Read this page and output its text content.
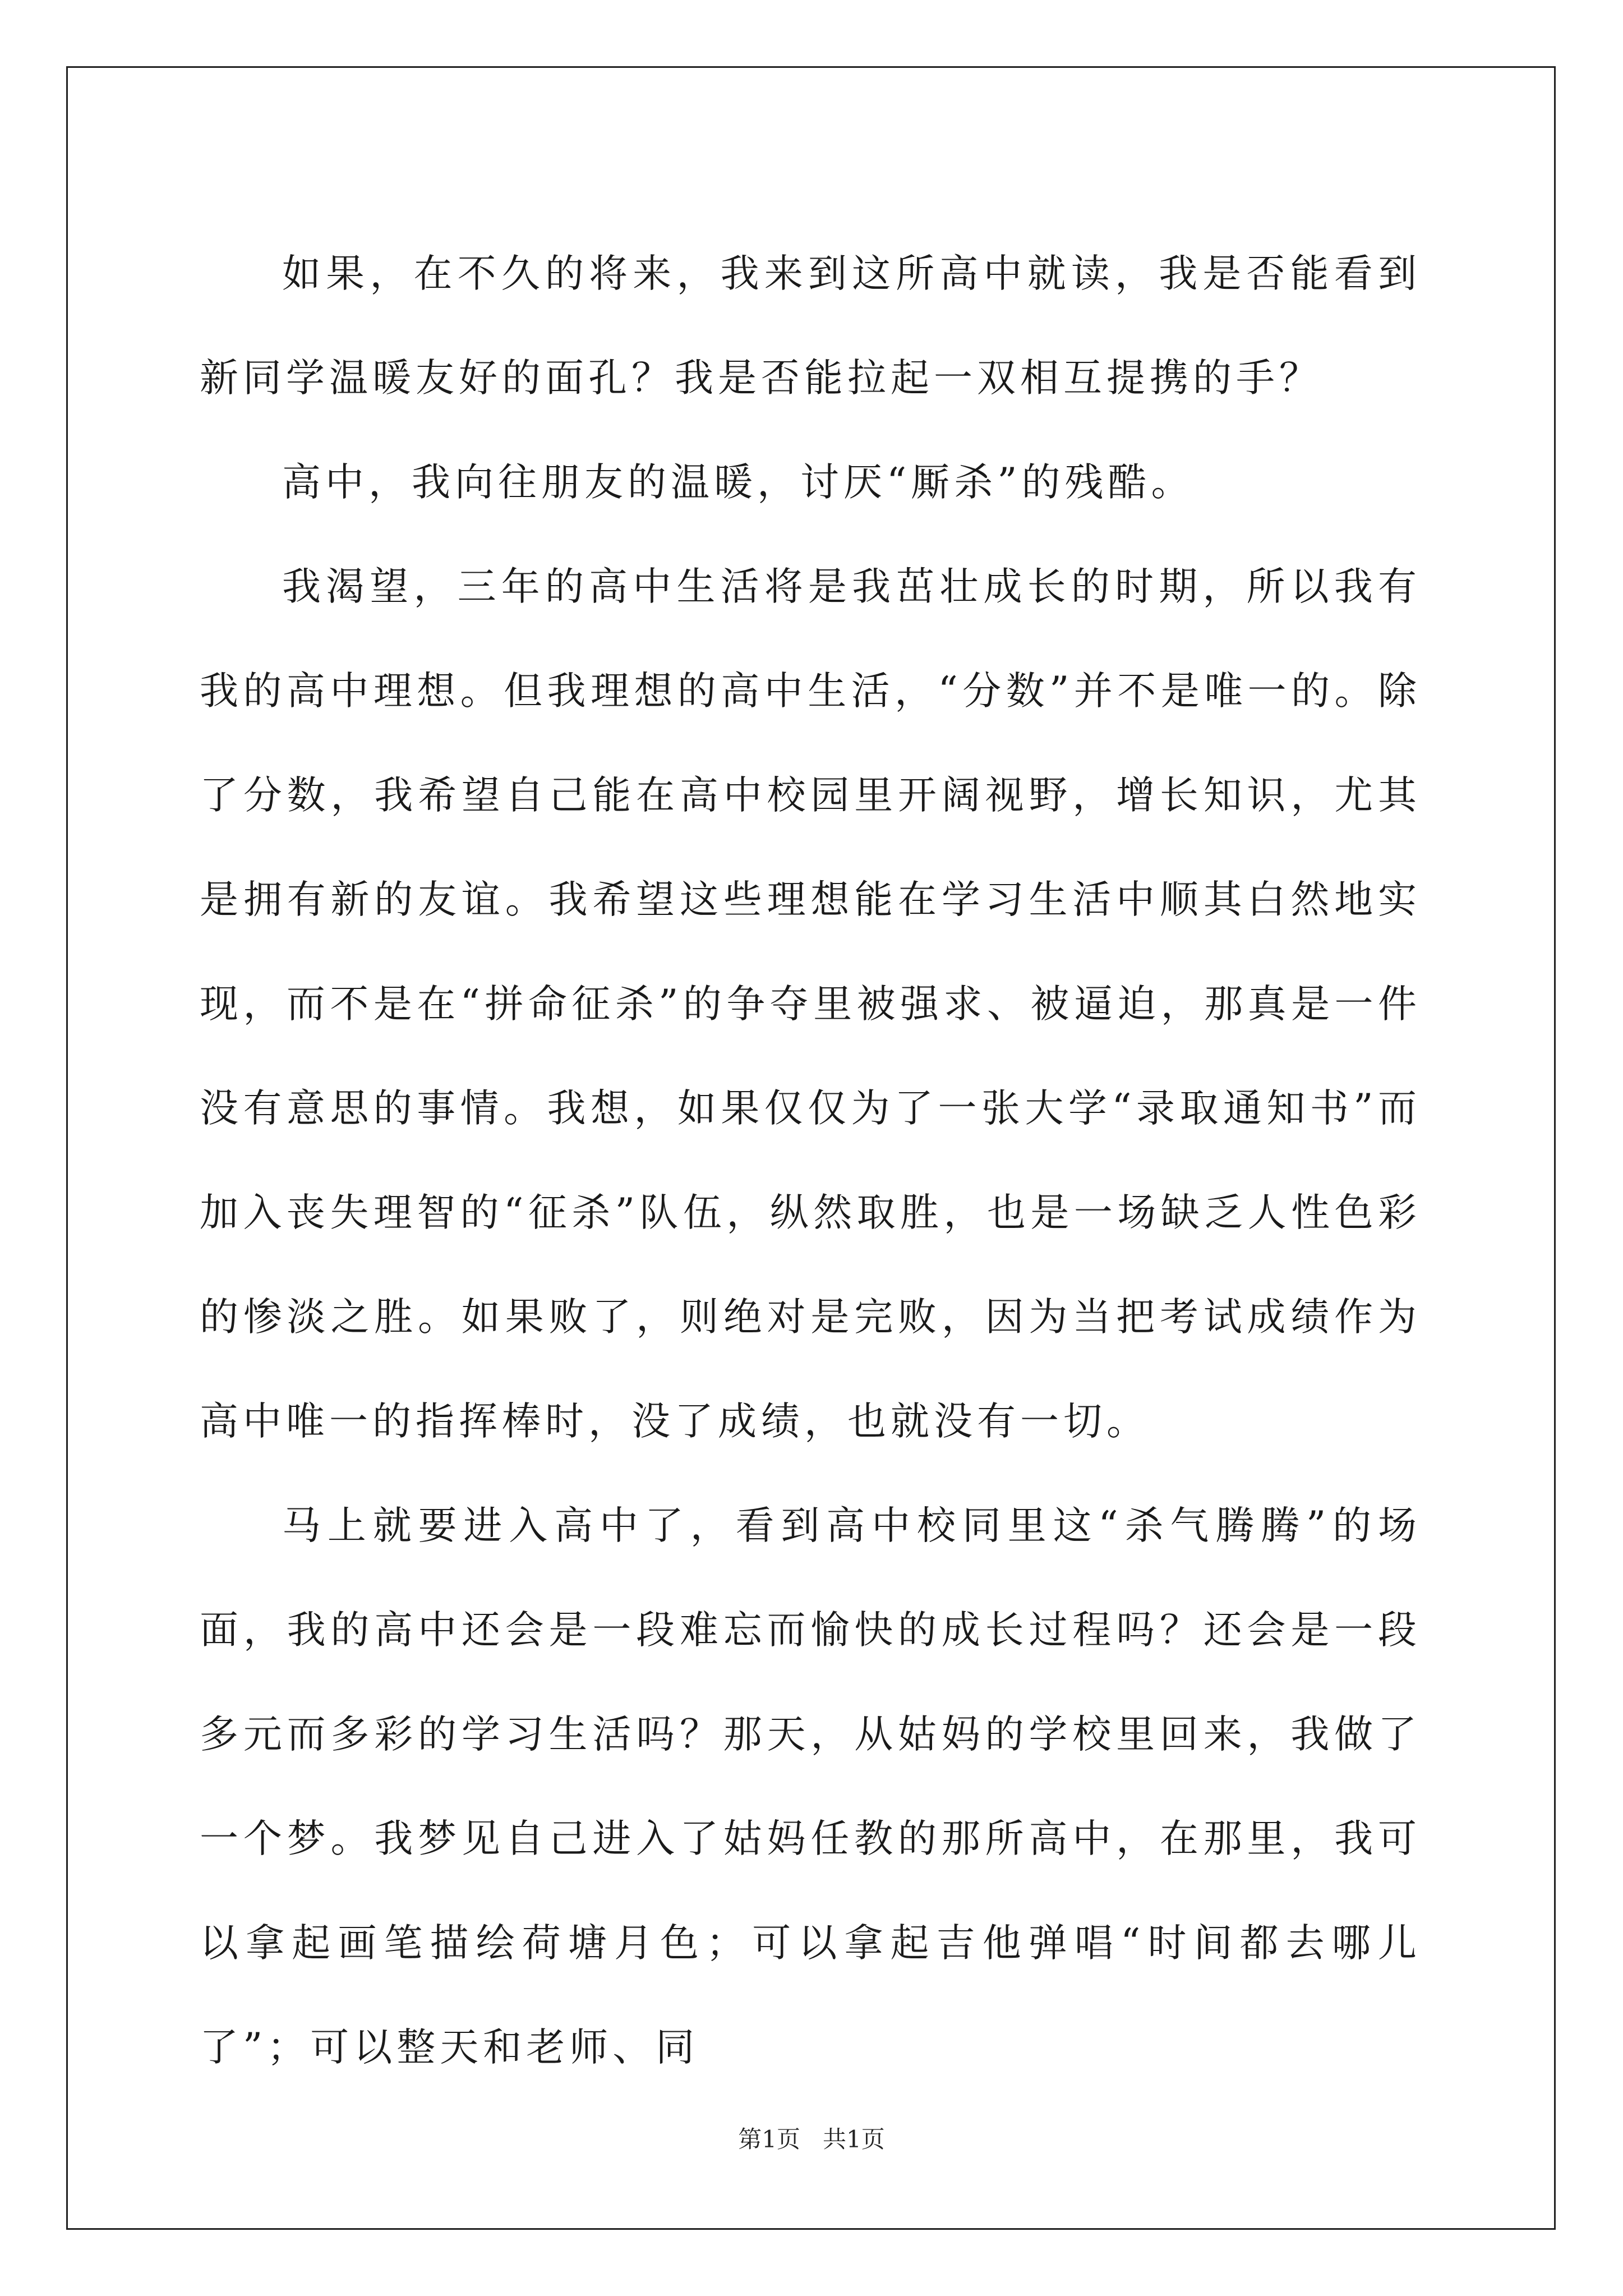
如果，在不久的将来，我来到这所高中就读，我是否能看到新同学温暖友好的面孔？我是否能拉起一双相互提携的手？

高中，我向往朋友的温暖，讨厌“厮杀”的残酷。

我渴望，三年的高中生活将是我茁壮成长的时期，所以我有我的高中理想。但我理想的高中生活，“分数”并不是唯一的。除了分数，我希望自己能在高中校园里开阔视野，增长知识，尤其是拥有新的友谊。我希望这些理想能在学习生活中顺其白然地实现，而不是在“拼命征杀”的争夺里被强求、被逼迫，那真是一件没有意思的事情。我想，如果仅仅为了一张大学“录取通知书”而加入丧失理智的“征杀”队伍，纵然取胜，也是一场缺乏人性色彩的惨淡之胜。如果败了，则绝对是完败，因为当把考试成绩作为高中唯一的指挥棒时，没了成绩，也就没有一切。

马上就要进入高中了，看到高中校同里这“杀气腾腾”的场面，我的高中还会是一段难忘而愉快的成长过程吗？还会是一段多元而多彩的学习生活吗？那天，从姑妈的学校里回来，我做了一个梦。我梦见自己进入了姑妈任教的那所高中，在那里，我可以拿起画笔描绘荷塘月色；可以拿起吉他弹唱“时间都去哪儿了”；可以整天和老师、同

第1页   共1页
